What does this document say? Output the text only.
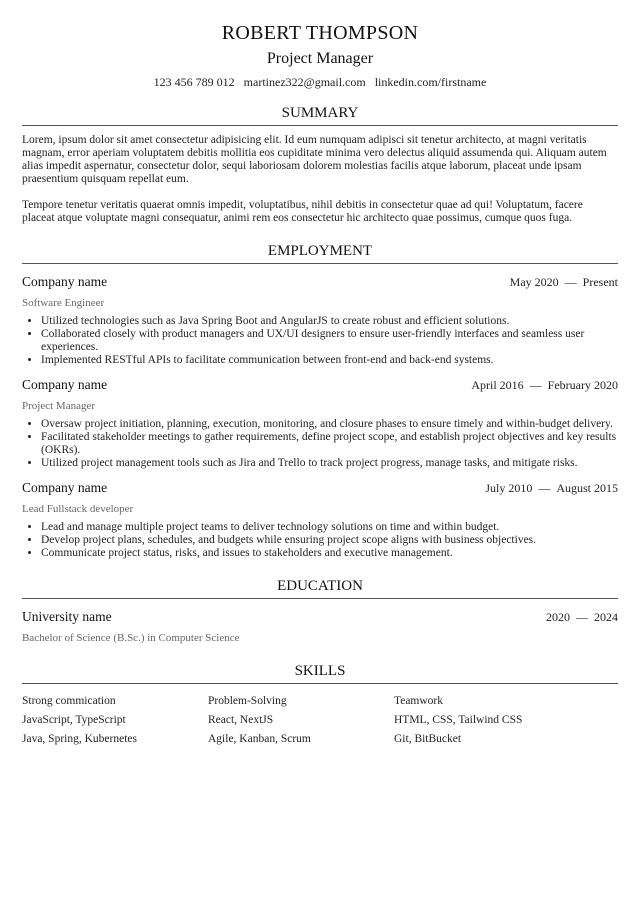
ROBERT THOMPSON
Project Manager
123 456 789 012 martinez322@gmail.com linkedin.com/firstname
SUMMARY

Lorem, ipsum dolor sit amet consectetur adipisicing elit. Id eum numquam adipisci sit tenetur architecto, at magni veritatis magnam, error aperiam voluptatem debitis mollitia eos cupiditate minima vero delectus aliquid assumenda qui. Aliquam autem alias impedit aspernatur, consectetur dolor, sequi laboriosam dolorem molestias facilis atque laborum, placeat unde ipsam praesentium quisquam repellat eum.

Tempore tenetur veritatis quaerat omnis impedit, voluptatibus, nihil debitis in consectetur quae ad qui! Voluptatum, facere placeat atque voluptate magni consequatur, animi rem eos consectetur hic architecto quae possimus, cumque quos fuga.

EMPLOYMENT
Company name	May 2020 — Present
Software Engineer
• Utilized technologies such as Java Spring Boot and AngularJS to create robust and efficient solutions.
• Collaborated closely with product managers and UX/UI designers to ensure user-friendly interfaces and seamless user experiences.
• Implemented RESTful APIs to facilitate communication between front-end and back-end systems.
Company name	April 2016 — February 2020
Project Manager
• Oversaw project initiation, planning, execution, monitoring, and closure phases to ensure timely and within-budget delivery.
• Facilitated stakeholder meetings to gather requirements, define project scope, and establish project objectives and key results (OKRs).
• Utilized project management tools such as Jira and Trello to track project progress, manage tasks, and mitigate risks.
Company name	July 2010 — August 2015
Lead Fullstack developer
• Lead and manage multiple project teams to deliver technology solutions on time and within budget.
• Develop project plans, schedules, and budgets while ensuring project scope aligns with business objectives.
• Communicate project status, risks, and issues to stakeholders and executive management.
EDUCATION
University name	2020 — 2024
Bachelor of Science (B.Sc.) in Computer Science
SKILLS
Strong commication	Problem-Solving	Teamwork
JavaScript, TypeScript	React, NextJS	HTML, CSS, Tailwind CSS
Java, Spring, Kubernetes	Agile, Kanban, Scrum	Git, BitBucket
